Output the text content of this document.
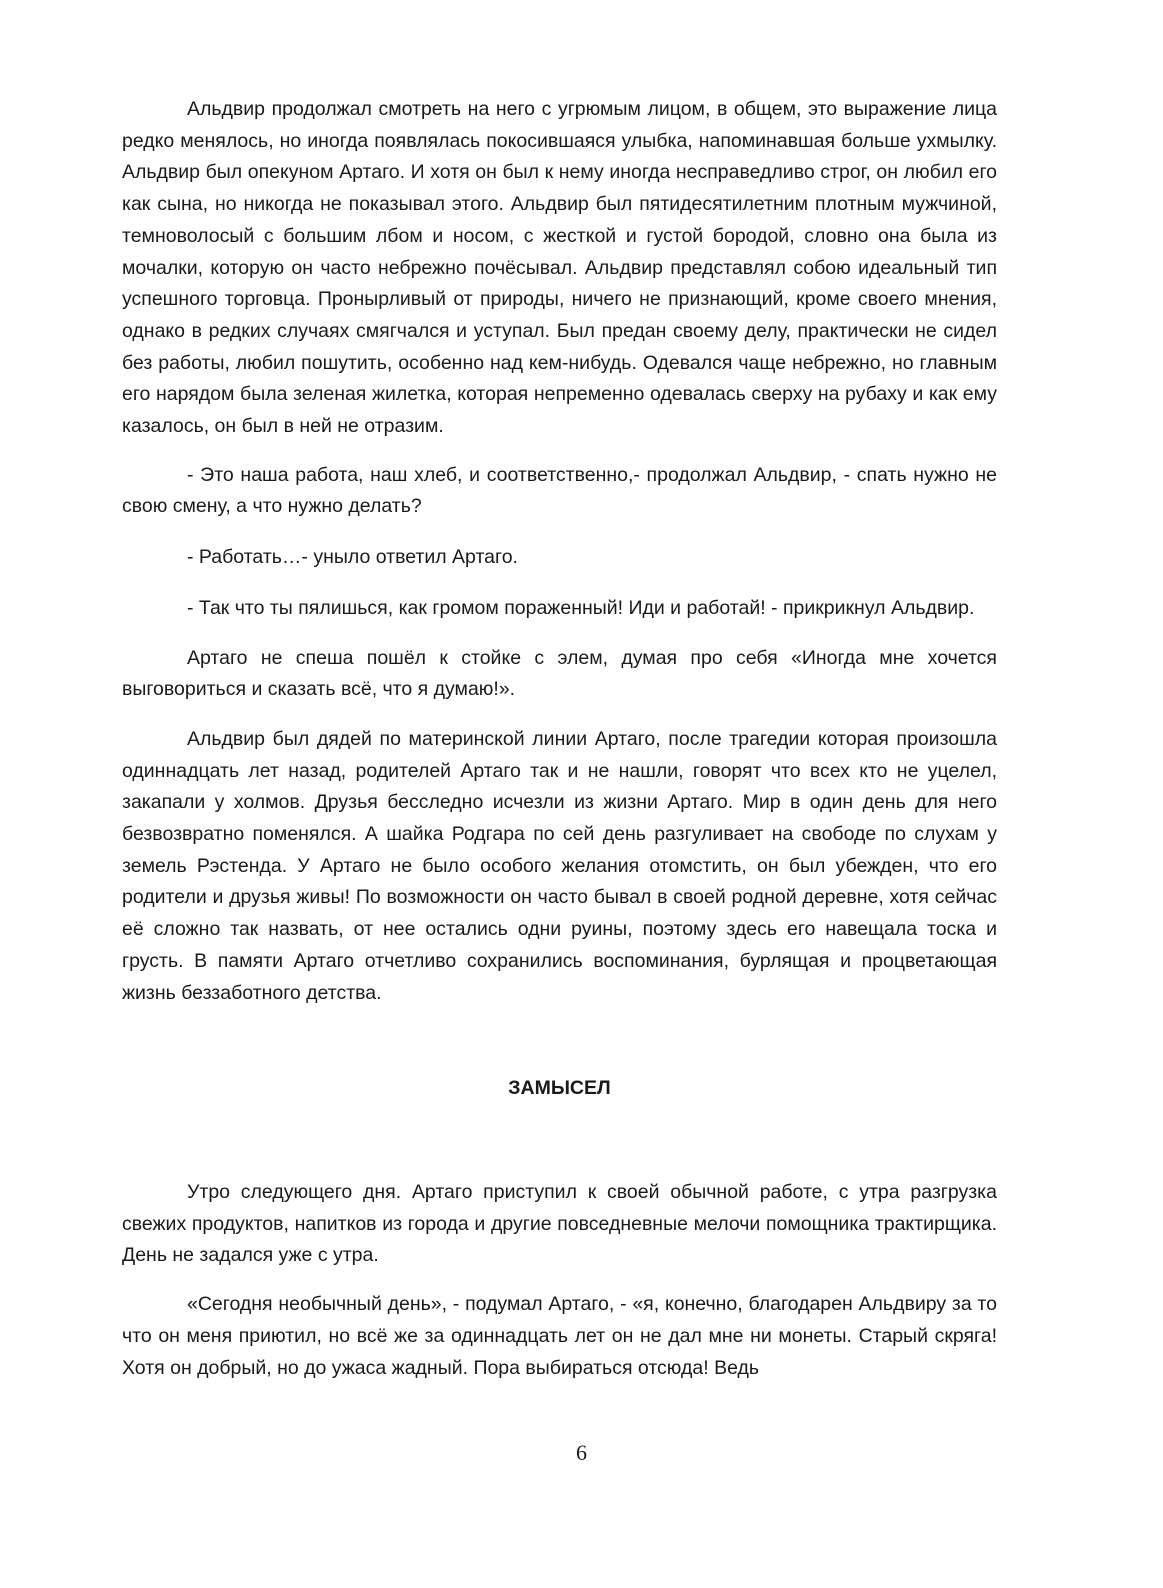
Альдвир продолжал смотреть на него с угрюмым лицом, в общем, это выражение лица редко менялось, но иногда появлялась покосившаяся улыбка, напоминавшая больше ухмылку. Альдвир был опекуном Артаго. И хотя он был к нему иногда несправедливо строг, он любил его как сына, но никогда не показывал этого. Альдвир был пятидесятилетним плотным мужчиной, темноволосый с большим лбом и носом, с жесткой и густой бородой, словно она была из мочалки, которую он часто небрежно почёсывал. Альдвир представлял собою идеальный тип успешного торговца. Пронырливый от природы, ничего не признающий, кроме своего мнения, однако в редких случаях смягчался и уступал. Был предан своему делу, практически не сидел без работы, любил пошутить, особенно над кем-нибудь. Одевался чаще небрежно, но главным его нарядом была зеленая жилетка, которая непременно одевалась сверху на рубаху и как ему казалось, он был в ней не отразим.

- Это наша работа, наш хлеб, и соответственно,- продолжал Альдвир, - спать нужно не свою смену, а что нужно делать?

- Работать…- уныло ответил Артаго.

- Так что ты пялишься, как громом пораженный! Иди и работай! - прикрикнул Альдвир.

Артаго не спеша пошёл к стойке с элем, думая про себя «Иногда мне хочется выговориться и сказать всё, что я думаю!».

Альдвир был дядей по материнской линии Артаго, после трагедии которая произошла одиннадцать лет назад, родителей Артаго так и не нашли, говорят что всех кто не уцелел, закапали у холмов. Друзья бесследно исчезли из жизни Артаго. Мир в один день для него безвозвратно поменялся. А шайка Родгара по сей день разгуливает на свободе по слухам у земель Рэстенда. У Артаго не было особого желания отомстить, он был убежден, что его родители и друзья живы! По возможности он часто бывал в своей родной деревне, хотя сейчас её сложно так назвать, от нее остались одни руины, поэтому здесь его навещала тоска и грусть. В памяти Артаго отчетливо сохранились воспоминания, бурлящая и процветающая жизнь беззаботного детства.

ЗАМЫСЕЛ

Утро следующего дня. Артаго приступил к своей обычной работе, с утра разгрузка свежих продуктов, напитков из города и другие повседневные мелочи помощника трактирщика. День не задался уже с утра.

«Сегодня необычный день», - подумал Артаго, - «я, конечно, благодарен Альдвиру за то что он меня приютил, но всё же за одиннадцать лет он не дал мне ни монеты. Старый скряга! Хотя он добрый, но до ужаса жадный. Пора выбираться отсюда! Ведь

6
